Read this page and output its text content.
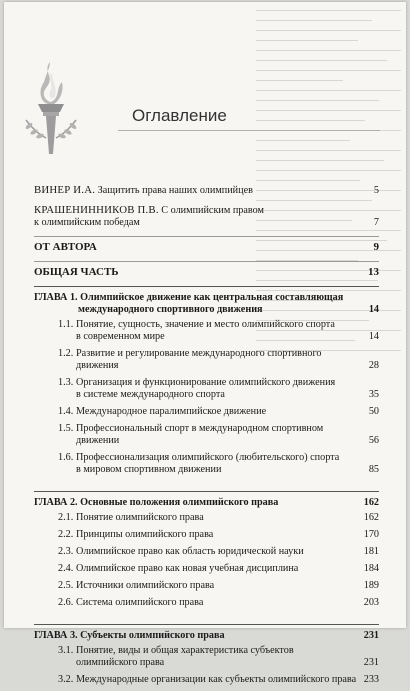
Оглавление
ВИНЕР И.А. Защитить права наших олимпийцев	5
КРАШЕНИННИКОВ П.В. С олимпийским правом
к олимпийским победам	7
ОТ АВТОРА	9
ОБЩАЯ ЧАСТЬ	13
ГЛАВА 1. Олимпийское движение как центральная составляющая
международного спортивного движения	14
1.1. Понятие, сущность, значение и место олимпийского спорта
в современном мире	14
1.2. Развитие и регулирование международного спортивного
движения	28
1.3. Организация и функционирование олимпийского движения
в системе международного спорта	35
1.4. Международное паралимпийское движение	50
1.5. Профессиональный спорт в международном спортивном
движении	56
1.6. Профессионализация олимпийского (любительского) спорта
в мировом спортивном движении	85
ГЛАВА 2. Основные положения олимпийского права	162
2.1. Понятие олимпийского права	162
2.2. Принципы олимпийского права	170
2.3. Олимпийское право как область юридической науки	181
2.4. Олимпийское право как новая учебная дисциплина	184
2.5. Источники олимпийского права	189
2.6. Система олимпийского права	203
ГЛАВА 3. Субъекты олимпийского права	231
3.1. Понятие, виды и общая характеристика субъектов
олимпийского права	231
3.2. Международные организации как субъекты олимпийского права 233
